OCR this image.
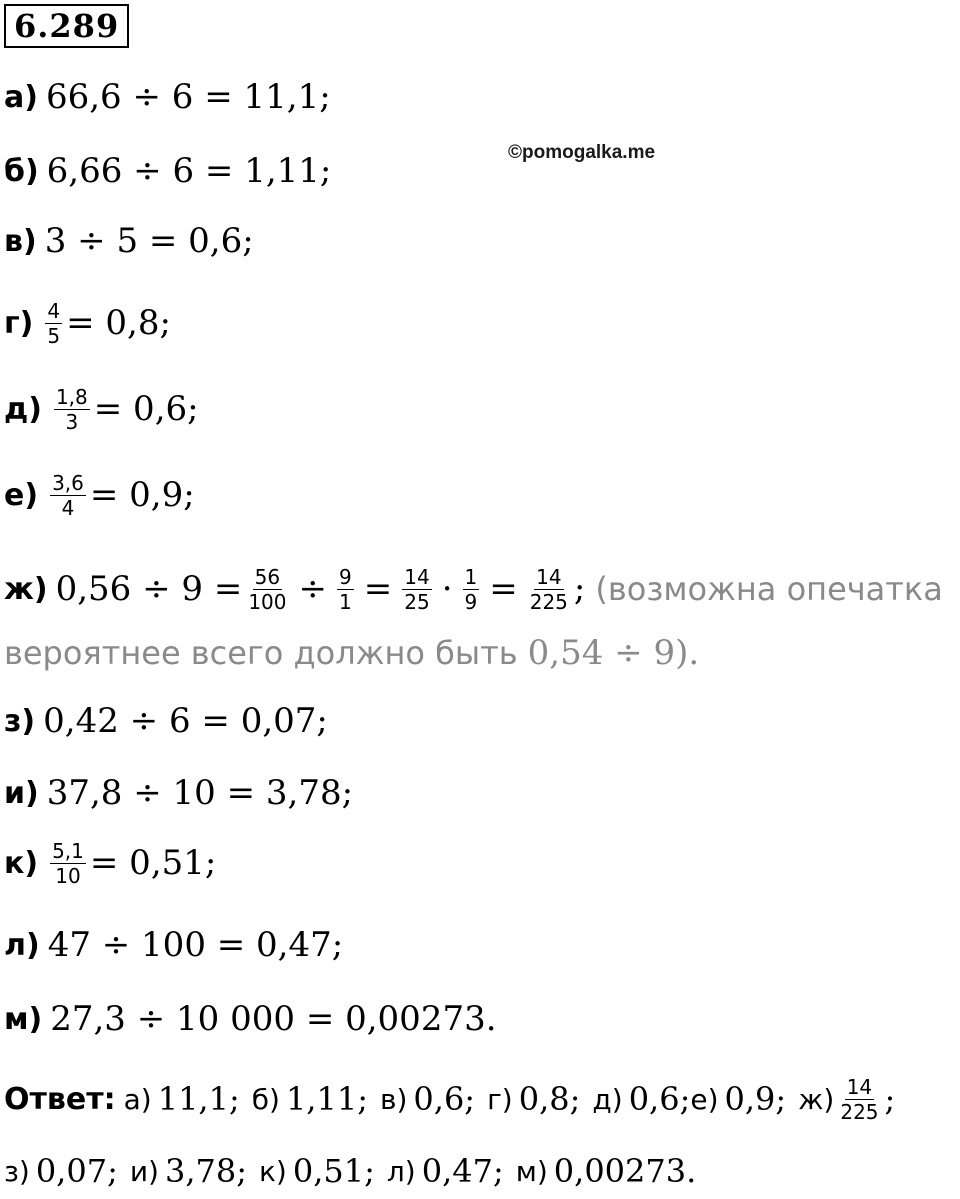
6.289
©pomogalka.me
а) 66,6 ÷ 6 = 11,1;
б) 6,66 ÷ 6 = 1,11;
в) 3 ÷ 5 = 0,6;
$г) \frac{4}{5} = 0,8$;
$д) \frac{1,8}{3} = 0,6$;
$е) \frac{3,6}{4} = 0,9$;
ж) $0,56 \div 9 = \frac{56}{100} \div \frac{9}{1} = \frac{14}{25} \cdot \frac{1}{9} = \frac{14}{225}$ ; (возможна опечатка
вероятнее всего должно быть 0,54 ÷ 9 ).
з) 0,42 ÷ 6 = 0,07;
и) 37,8 ÷ 10 = 3,78;
$к) \frac{5,1}{10} = 0,51$;
л) 47 ÷ 100 = 0,47;
м) 27,3 ÷ 10 000 = 0,00273.
Ответ: а) 11,1; б) 1,11; в) 0,6; г) 0,8; д) 0,6; е) 0,9; $ж) \frac{14}{225}$ ;
з) 0,07; и) 3,78; к) 0,51; л) 0,47; м) 0,00273.
